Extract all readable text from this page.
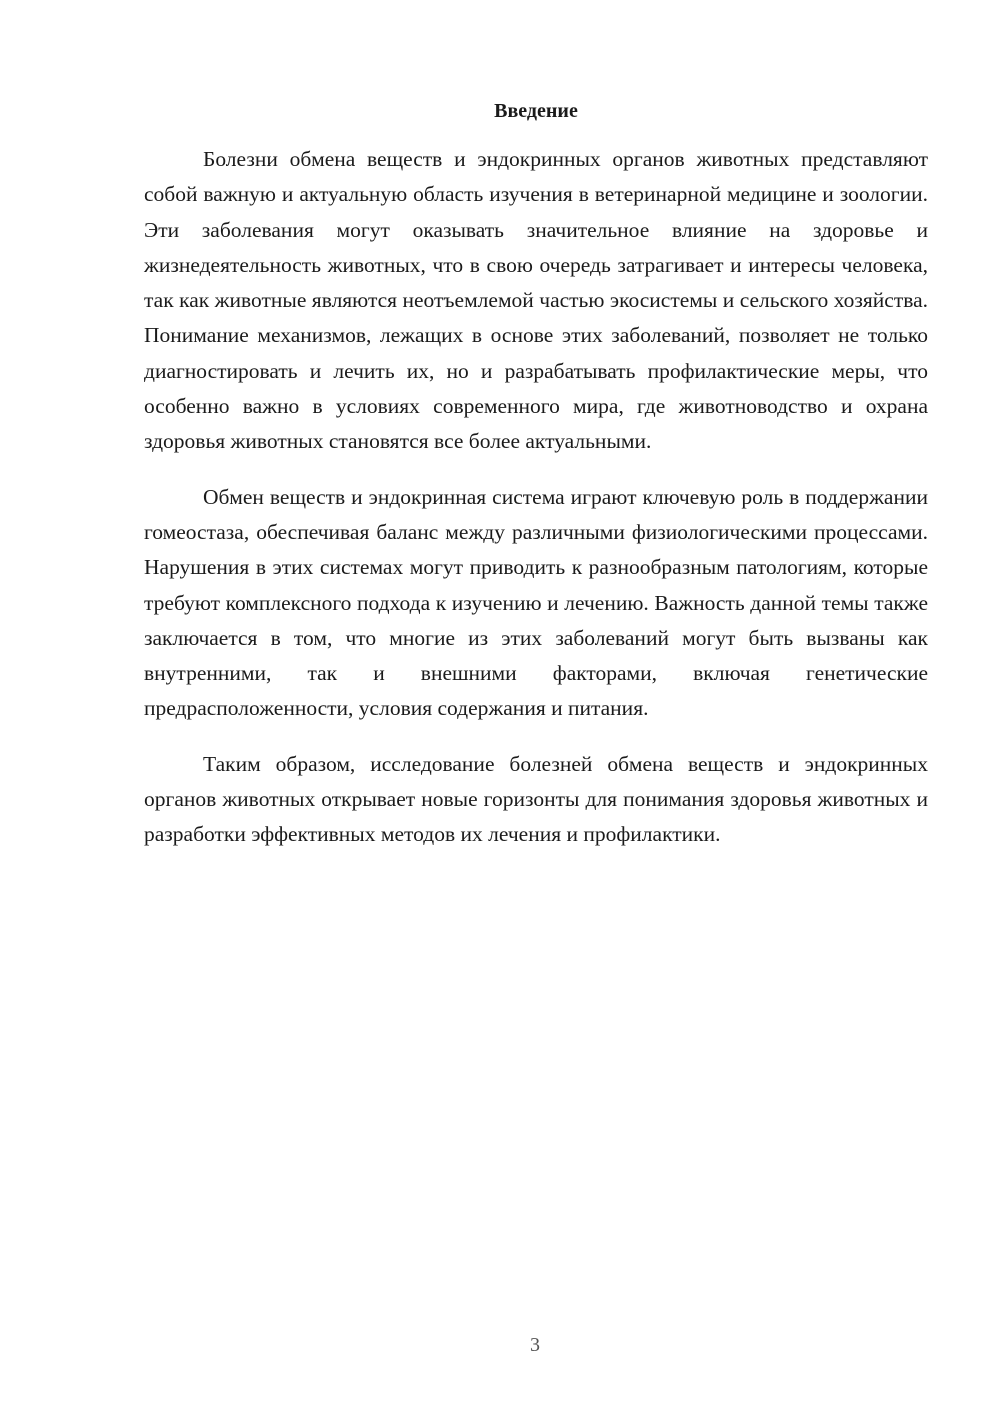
Введение

Болезни обмена веществ и эндокринных органов животных представляют собой важную и актуальную область изучения в ветеринарной медицине и зоологии. Эти заболевания могут оказывать значительное влияние на здоровье и жизнедеятельность животных, что в свою очередь затрагивает и интересы человека, так как животные являются неотъемлемой частью экосистемы и сельского хозяйства. Понимание механизмов, лежащих в основе этих заболеваний, позволяет не только диагностировать и лечить их, но и разрабатывать профилактические меры, что особенно важно в условиях современного мира, где животноводство и охрана здоровья животных становятся все более актуальными.

Обмен веществ и эндокринная система играют ключевую роль в поддержании гомеостаза, обеспечивая баланс между различными физиологическими процессами. Нарушения в этих системах могут приводить к разнообразным патологиям, которые требуют комплексного подхода к изучению и лечению. Важность данной темы также заключается в том, что многие из этих заболеваний могут быть вызваны как внутренними, так и внешними факторами, включая генетические предрасположенности, условия содержания и питания.

Таким образом, исследование болезней обмена веществ и эндокринных органов животных открывает новые горизонты для понимания здоровья животных и разработки эффективных методов их лечения и профилактики.

3
